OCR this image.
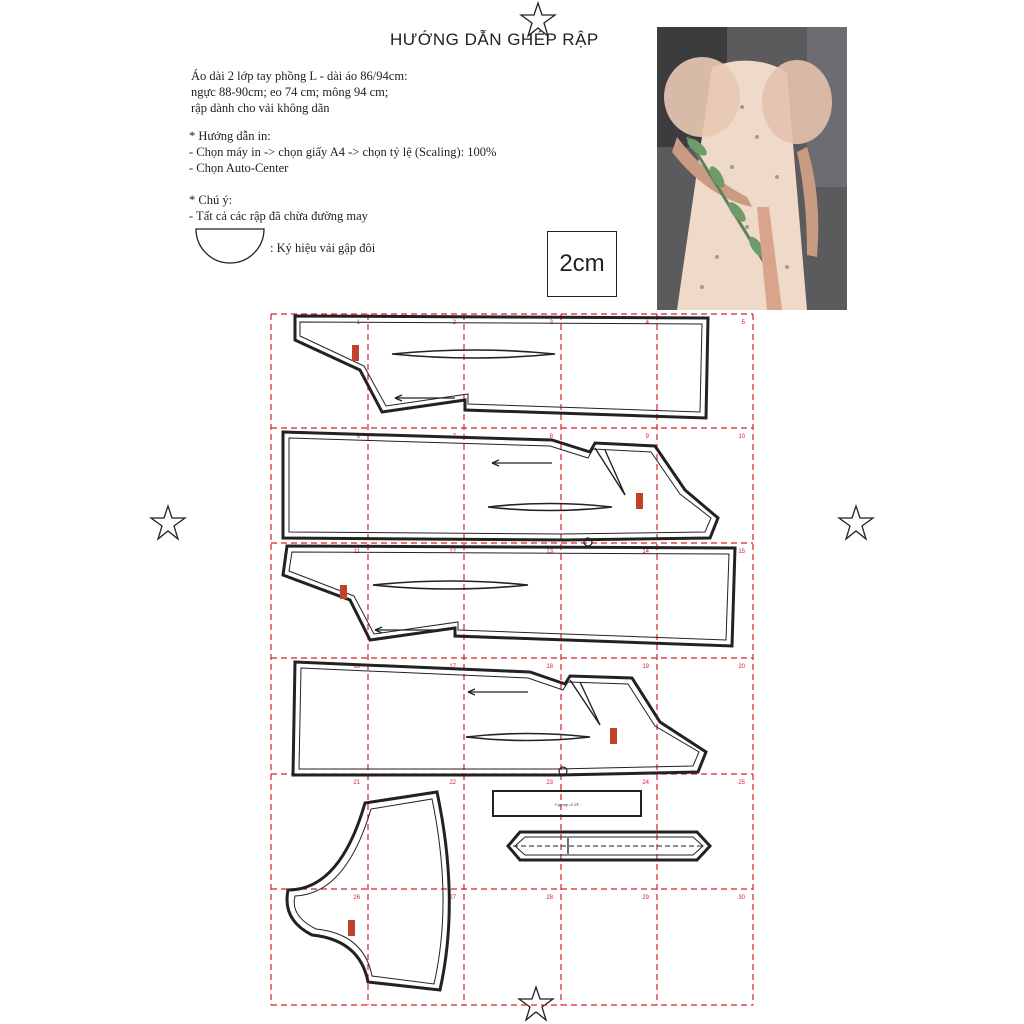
HƯỚNG DẪN GHÉP RẬP

Áo dài 2 lớp tay phồng L - dài áo 86/94cm:

ngực 88-90cm; eo 74 cm; mông 94 cm;

rập dành cho vải không dãn

* Hướng dẫn in:
- Chọn máy in -> chọn giấy A4 -> chọn tỷ lệ (Scaling): 100%
- Chọn Auto-Center
* Chú ý:
- Tất cả các rập đã chừa đường may
: Ký hiệu vải gập đôi
2cm
1	2	3	4	5
6	7	8	9	10
11	12	13	14	15
16	17	18	19	20
21	22	23	24	25
26	27	28	29	30
Cạp nẹp cổ 2X
